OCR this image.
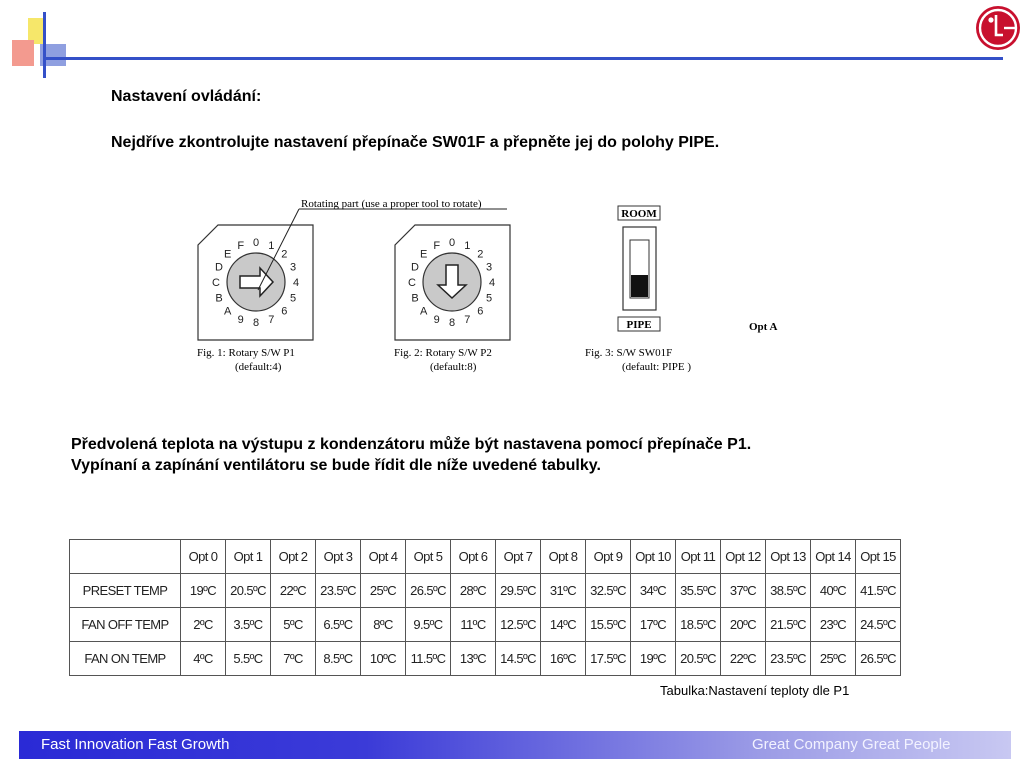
Nastavení ovládání:
Nejdříve zkontrolujte nastavení přepínače SW01F a přepněte jej do polohy PIPE.
0 1
2
3
4
5
6
7
8
9
A
B
C
D
E
F
Rotating part (use a proper tool to rotate)
0 1
2
3
4
5
6
7
8
9
A
B
C
D
E
F
ROOM
PIPE	Opt A
Fig. 1: Rotary S/W P1
(default:4)
Fig. 2: Rotary S/W P2
(default:8)
Fig. 3: S/W SW01F
(default: PIPE )
Předvolená teplota na výstupu z kondenzátoru může být nastavena pomocí přepínače P1.
Vypínaní a zapínání ventilátoru se bude řídit dle níže uvedené tabulky.
	Opt 0	Opt 1	Opt 2	Opt 3	Opt 4	Opt 5	Opt 6	Opt 7	Opt 8	Opt 9	Opt 10	Opt 11	Opt 12	Opt 13	Opt 14	Opt 15
PRESET TEMP	19ºC	20.5ºC	22ºC	23.5ºC	25ºC	26.5ºC	28ºC	29.5ºC	31ºC	32.5ºC	34ºC	35.5ºC	37ºC	38.5ºC	40ºC	41.5ºC
FAN OFF TEMP	2ºC	3.5ºC	5ºC	6.5ºC	8ºC	9.5ºC	11ºC	12.5ºC	14ºC	15.5ºC	17ºC	18.5ºC	20ºC	21.5ºC	23ºC	24.5ºC
FAN ON TEMP	4ºC	5.5ºC	7ºC	8.5ºC	10ºC	11.5ºC	13ºC	14.5ºC	16ºC	17.5ºC	19ºC	20.5ºC	22ºC	23.5ºC	25ºC	26.5ºC
Tabulka:Nastavení teploty dle P1
Fast Innovation Fast Growth	Great Company Great People
